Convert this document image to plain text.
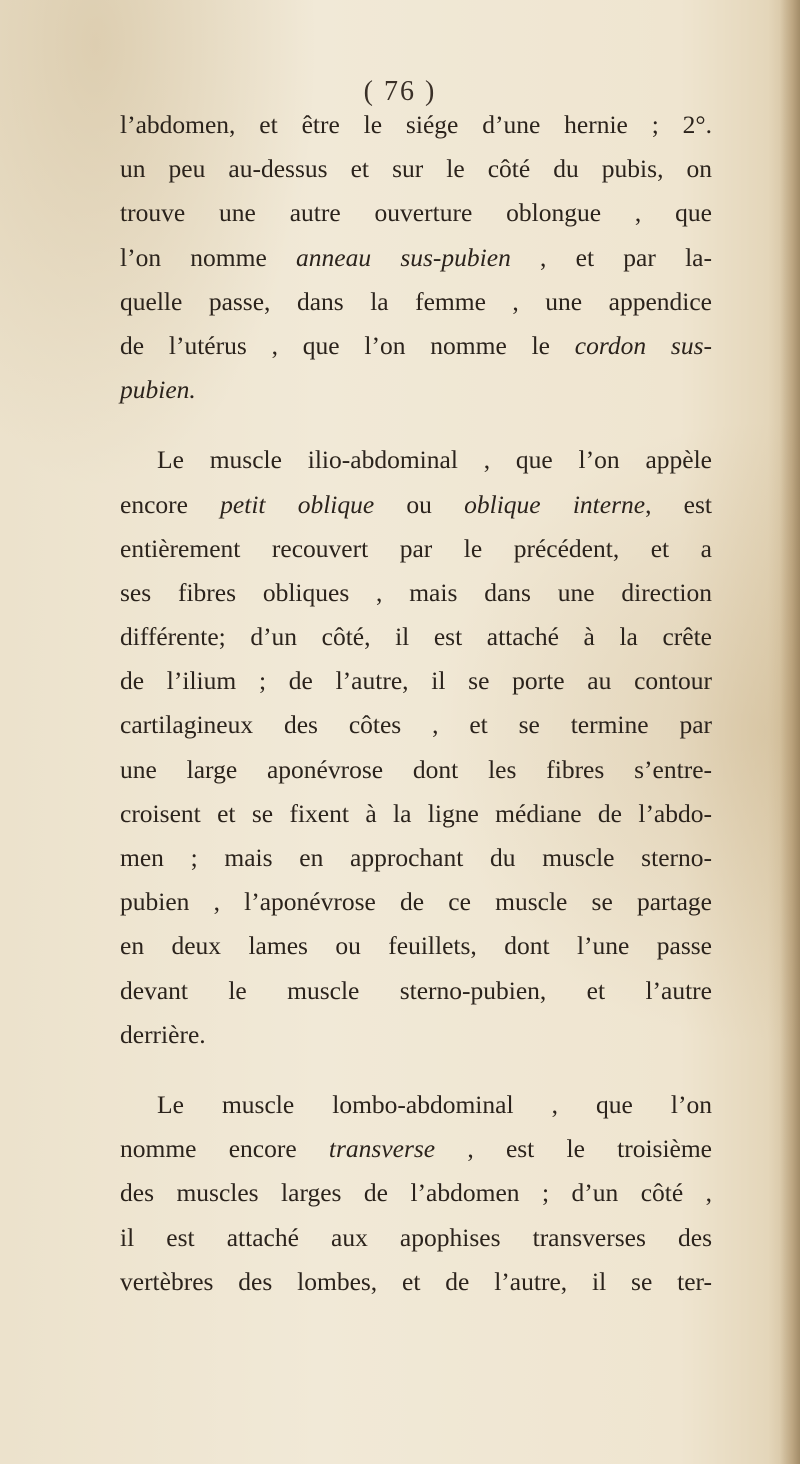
( 76 )
l’abdomen, et être le siége d’une hernie ; 2°.
un peu au-dessus et sur le côté du pubis, on
trouve une autre ouverture oblongue , que
l’on nomme anneau sus-pubien , et par la-
quelle passe, dans la femme , une appendice
de l’utérus , que l’on nomme le cordon sus-
pubien.
Le muscle ilio-abdominal , que l’on appèle
encore petit oblique ou oblique interne, est
entièrement recouvert par le précédent, et a
ses fibres obliques , mais dans une direction
différente; d’un côté, il est attaché à la crête
de l’ilium ; de l’autre, il se porte au contour
cartilagineux des côtes , et se termine par
une large aponévrose dont les fibres s’entre-
croisent et se fixent à la ligne médiane de l’abdo-
men ; mais en approchant du muscle sterno-
pubien , l’aponévrose de ce muscle se partage
en deux lames ou feuillets, dont l’une passe
devant le muscle sterno-pubien, et l’autre
derrière.
Le muscle lombo-abdominal , que l’on
nomme encore transverse , est le troisième
des muscles larges de l’abdomen ; d’un côté ,
il est attaché aux apophises transverses des
vertèbres des lombes, et de l’autre, il se ter-
